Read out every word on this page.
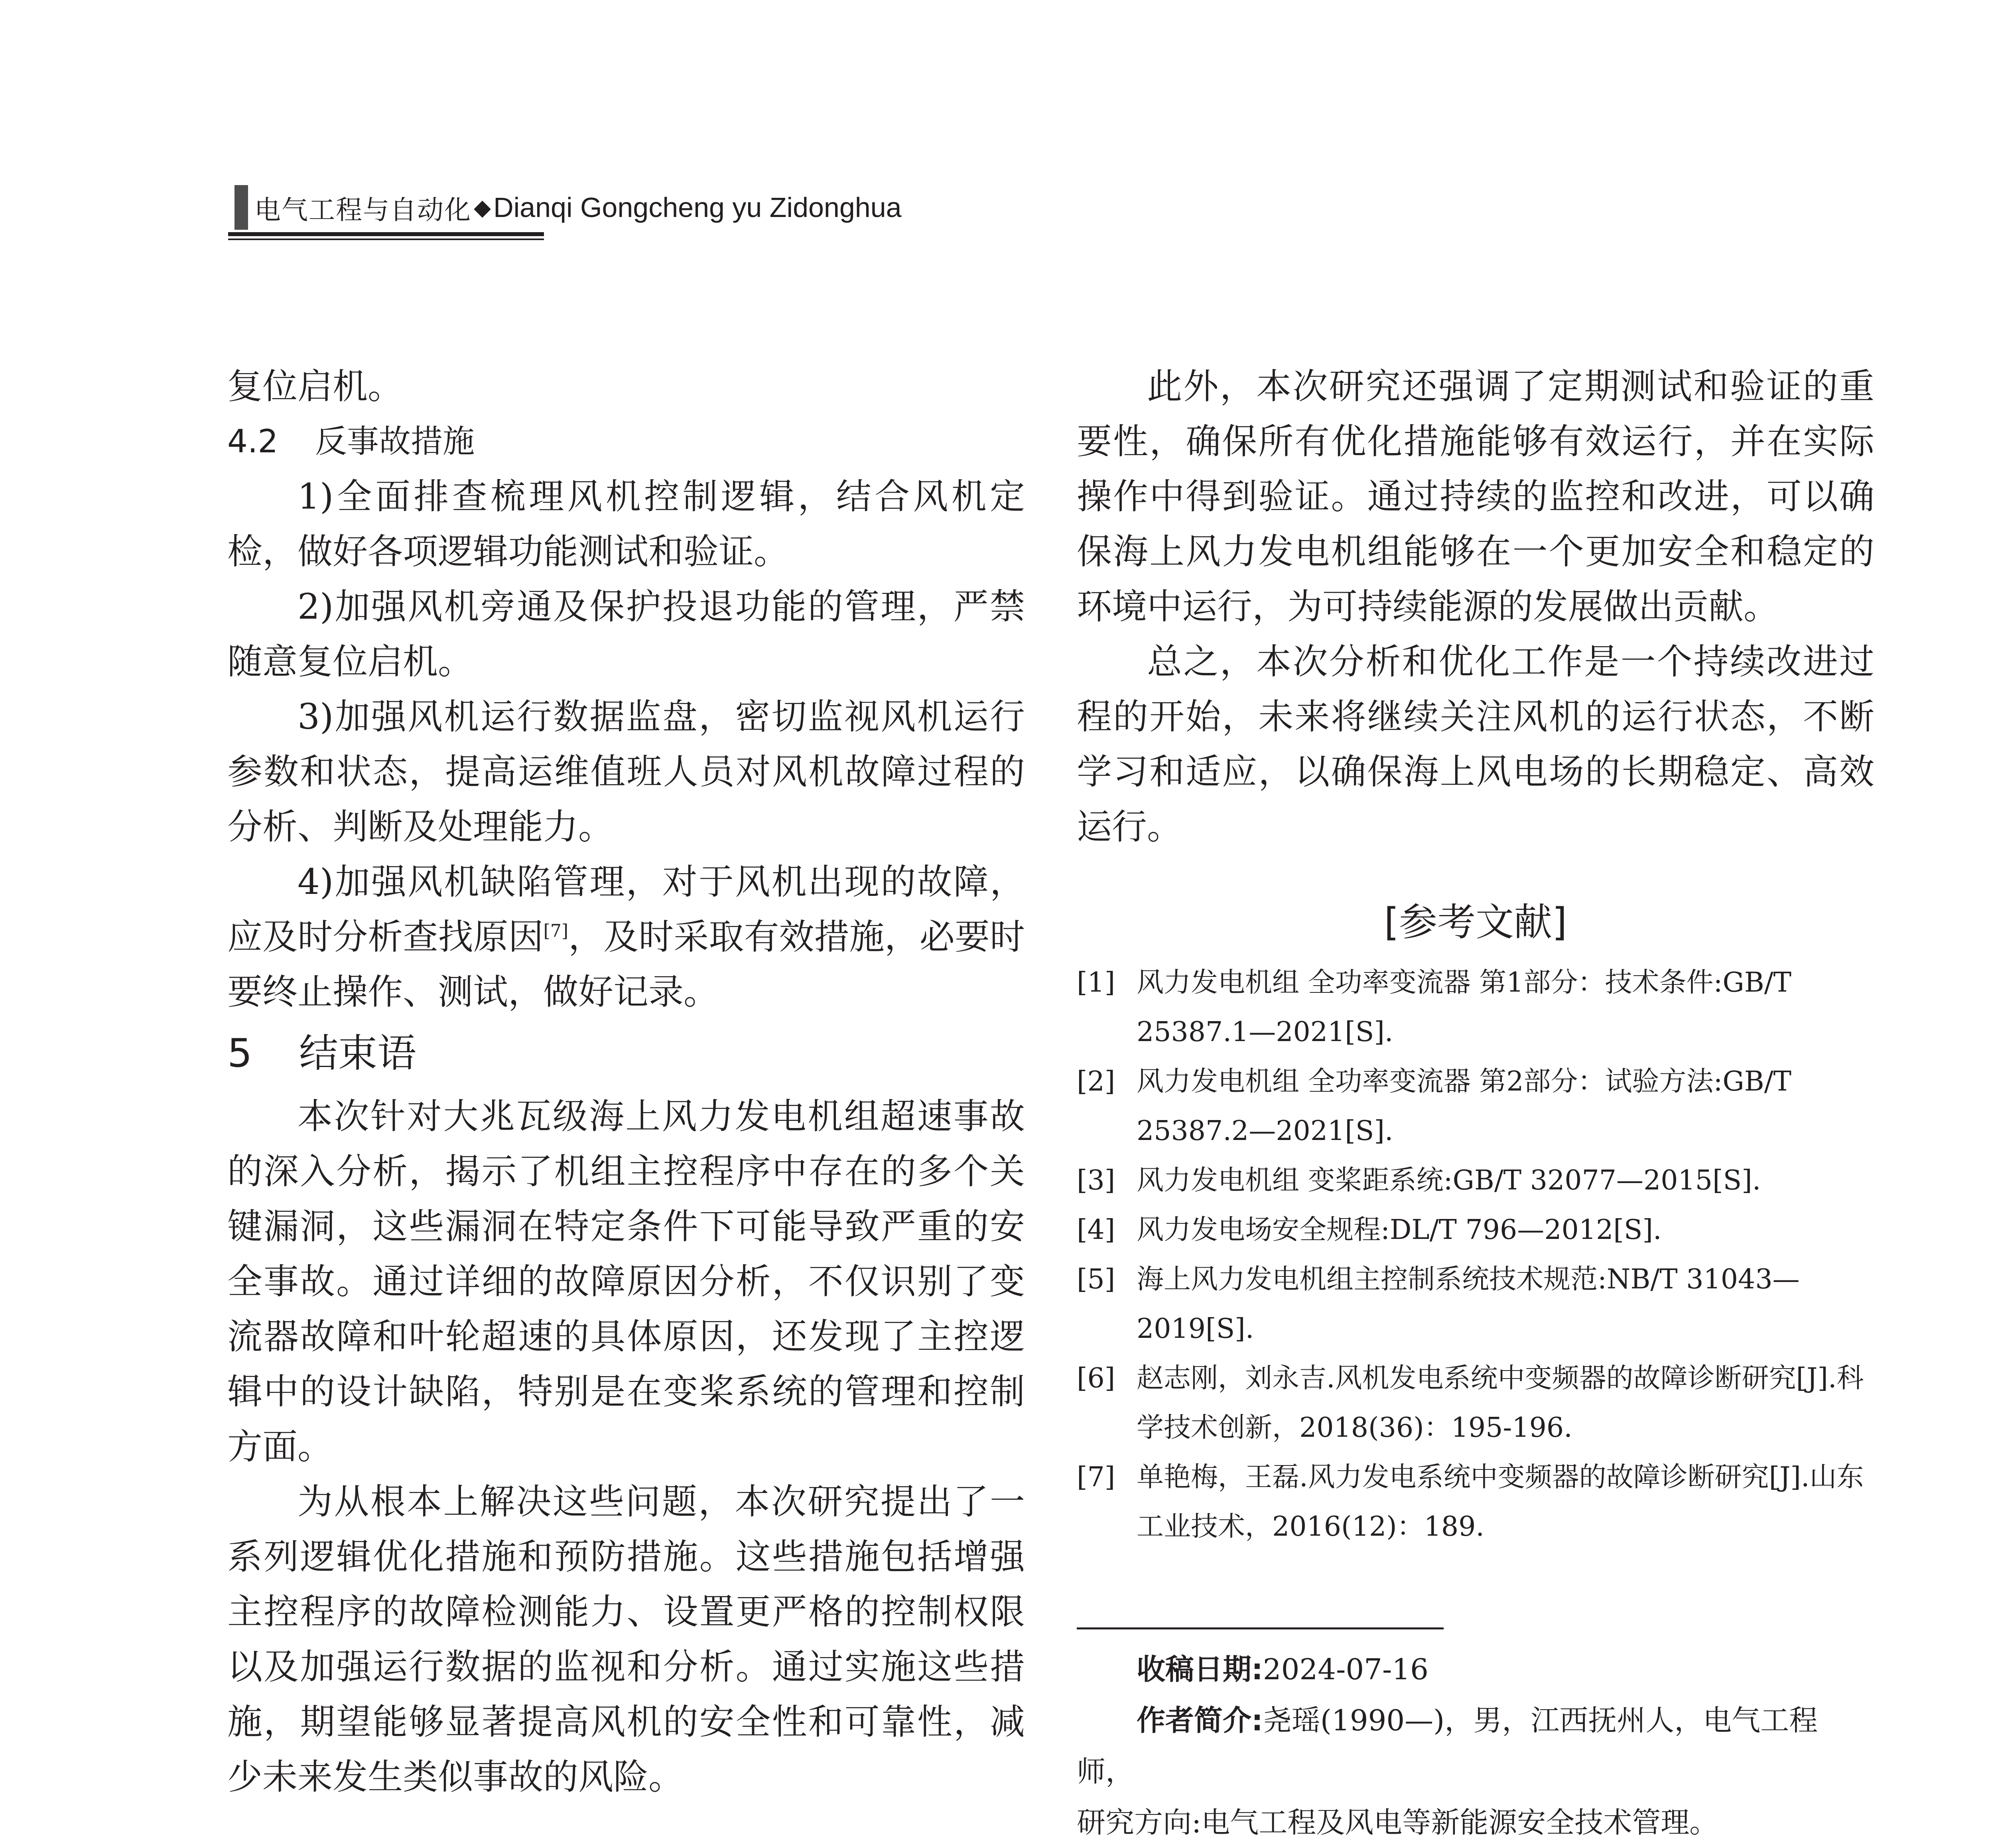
电气工程与自动化 ◆ Dianqi Gongcheng yu Zidonghua

复位启机。

4.2 反事故措施

1)全面排查梳理风机控制逻辑，结合风机定检，做好各项逻辑功能测试和验证。

2)加强风机旁通及保护投退功能的管理，严禁随意复位启机。

3)加强风机运行数据监盘，密切监视风机运行参数和状态，提高运维值班人员对风机故障过程的分析、判断及处理能力。

4)加强风机缺陷管理，对于风机出现的故障，应及时分析查找原因[7]，及时采取有效措施，必要时要终止操作、测试，做好记录。

5 结束语

本次针对大兆瓦级海上风力发电机组超速事故的深入分析，揭示了机组主控程序中存在的多个关键漏洞，这些漏洞在特定条件下可能导致严重的安全事故。通过详细的故障原因分析，不仅识别了变流器故障和叶轮超速的具体原因，还发现了主控逻辑中的设计缺陷，特别是在变桨系统的管理和控制方面。

为从根本上解决这些问题，本次研究提出了一系列逻辑优化措施和预防措施。这些措施包括增强主控程序的故障检测能力、设置更严格的控制权限以及加强运行数据的监视和分析。通过实施这些措施，期望能够显著提高风机的安全性和可靠性，减少未来发生类似事故的风险。

此外，本次研究还强调了定期测试和验证的重要性，确保所有优化措施能够有效运行，并在实际操作中得到验证。通过持续的监控和改进，可以确保海上风力发电机组能够在一个更加安全和稳定的环境中运行，为可持续能源的发展做出贡献。

总之，本次分析和优化工作是一个持续改进过程的开始，未来将继续关注风机的运行状态，不断学习和适应，以确保海上风电场的长期稳定、高效运行。

[参考文献]

[1] 风力发电机组 全功率变流器 第1部分：技术条件:GB/T 25387.1—2021[S].

[2] 风力发电机组 全功率变流器 第2部分：试验方法:GB/T 25387.2—2021[S].

[3] 风力发电机组 变桨距系统:GB/T 32077—2015[S].

[4] 风力发电场安全规程:DL/T 796—2012[S].

[5] 海上风力发电机组主控制系统技术规范:NB/T 31043—2019[S].

[6] 赵志刚，刘永吉.风机发电系统中变频器的故障诊断研究[J].科学技术创新，2018(36)：195-196.

[7] 单艳梅，王磊.风力发电系统中变频器的故障诊断研究[J].山东工业技术，2016(12)：189.

收稿日期:2024-07-16

作者简介:尧瑶(1990—)，男，江西抚州人，电气工程师，

研究方向:电气工程及风电等新能源安全技术管理。
